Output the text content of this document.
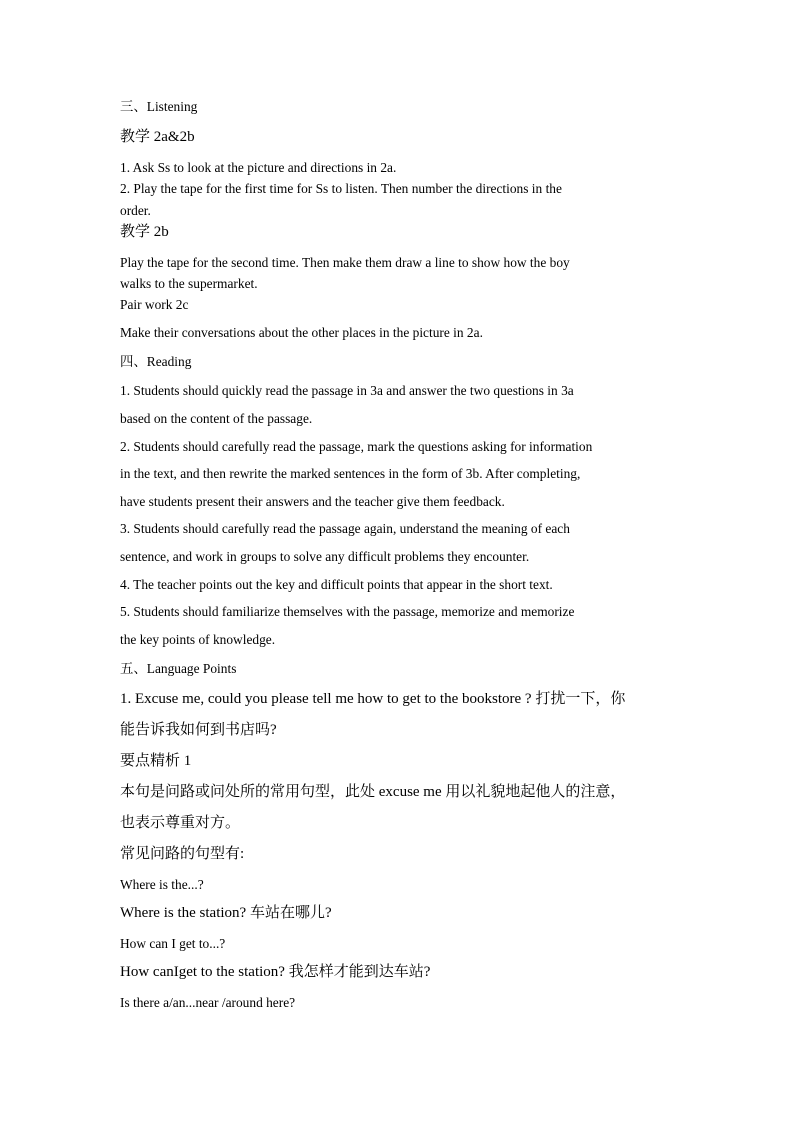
三、Listening
教学 2a&2b
1. Ask Ss to look at the picture and directions in 2a.
2. Play the tape for the first time for Ss to listen. Then number the directions in the
order.
教学 2b
Play the tape for the second time. Then make them draw a line to show how the boy
walks to the supermarket.
Pair work 2c
Make their conversations about the other places in the picture in 2a.
四、Reading
1. Students should quickly read the passage in 3a and answer the two questions in 3a
based on the content of the passage.
2. Students should carefully read the passage, mark the questions asking for information
in the text, and then rewrite the marked sentences in the form of 3b. After completing,
have students present their answers and the teacher give them feedback.
3. Students should carefully read the passage again, understand the meaning of each
sentence, and work in groups to solve any difficult problems they encounter.
4. The teacher points out the key and difficult points that appear in the short text.
5. Students should familiarize themselves with the passage, memorize and memorize
the key points of knowledge.
五、Language Points
1. Excuse me, could you please tell me how to get to the bookstore ? 打扰一下，你
能告诉我如何到书店吗?
要点精析 1
本句是问路或问处所的常用句型，此处 excuse me 用以礼貌地起他人的注意，
也表示尊重对方。
常见问路的句型有:
Where is the...?
Where is the station? 车站在哪儿?
How can I get to...?
How canIget to the station? 我怎样才能到达车站?
Is there a/an...near /around here?
